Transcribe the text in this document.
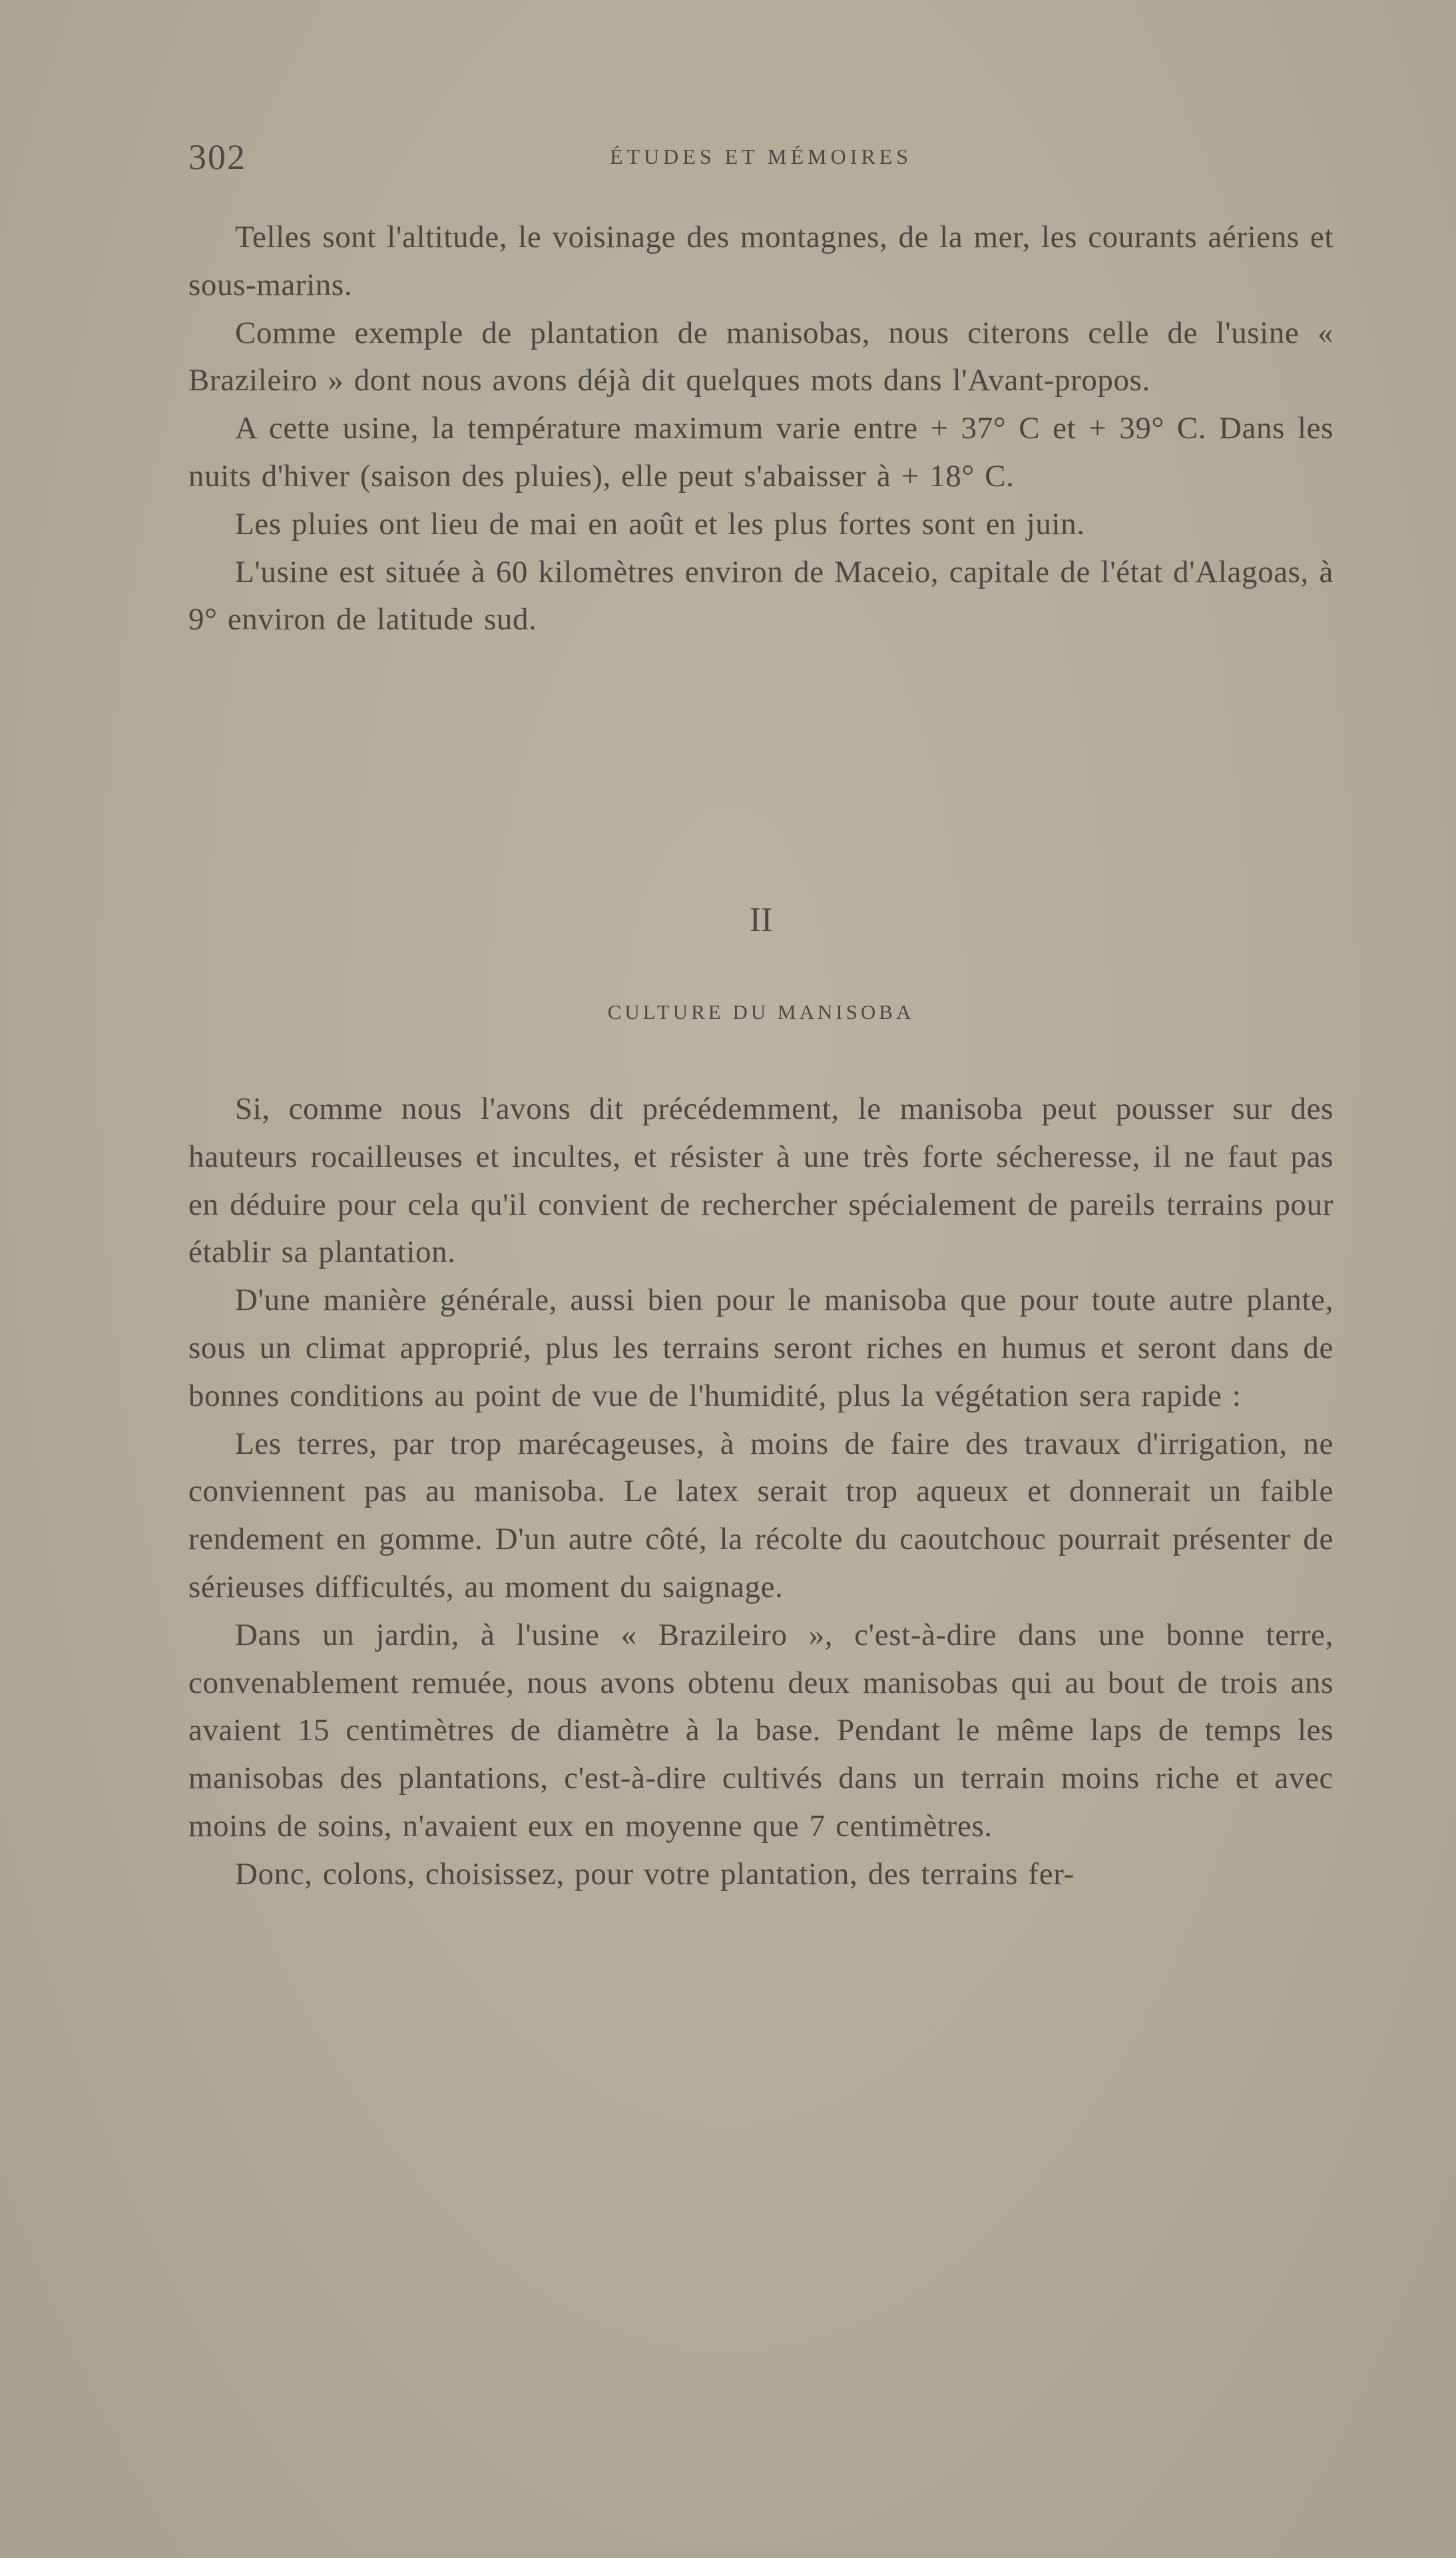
302	ÉTUDES ET MÉMOIRES

Telles sont l'altitude, le voisinage des montagnes, de la mer, les courants aériens et sous-marins.

Comme exemple de plantation de manisobas, nous citerons celle de l'usine « Brazileiro » dont nous avons déjà dit quelques mots dans l'Avant-propos.

A cette usine, la température maximum varie entre + 37° C et + 39° C. Dans les nuits d'hiver (saison des pluies), elle peut s'abaisser à + 18° C.

Les pluies ont lieu de mai en août et les plus fortes sont en juin.

L'usine est située à 60 kilomètres environ de Maceio, capitale de l'état d'Alagoas, à 9° environ de latitude sud.

II
CULTURE DU MANISOBA

Si, comme nous l'avons dit précédemment, le manisoba peut pousser sur des hauteurs rocailleuses et incultes, et résister à une très forte sécheresse, il ne faut pas en déduire pour cela qu'il convient de rechercher spécialement de pareils terrains pour établir sa plantation.

D'une manière générale, aussi bien pour le manisoba que pour toute autre plante, sous un climat approprié, plus les terrains seront riches en humus et seront dans de bonnes conditions au point de vue de l'humidité, plus la végétation sera rapide :

Les terres, par trop marécageuses, à moins de faire des travaux d'irrigation, ne conviennent pas au manisoba. Le latex serait trop aqueux et donnerait un faible rendement en gomme. D'un autre côté, la récolte du caoutchouc pourrait présenter de sérieuses difficultés, au moment du saignage.

Dans un jardin, à l'usine « Brazileiro », c'est-à-dire dans une bonne terre, convenablement remuée, nous avons obtenu deux manisobas qui au bout de trois ans avaient 15 centimètres de diamètre à la base. Pendant le même laps de temps les manisobas des plantations, c'est-à-dire cultivés dans un terrain moins riche et avec moins de soins, n'avaient eux en moyenne que 7 centimètres.

Donc, colons, choisissez, pour votre plantation, des terrains fer-
